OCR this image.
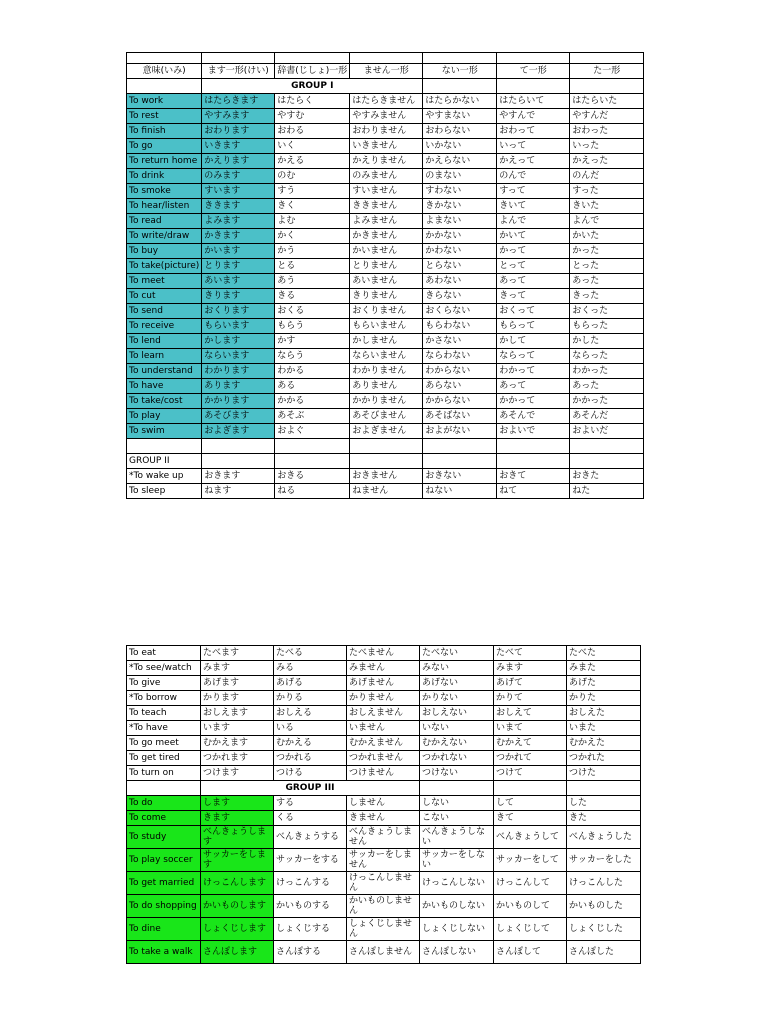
意味(いみ)	ます一形(けい)	辞書(じしょ)一形	ません一形	ない一形	て一形	た一形
	GROUP I					
To work	はたらきます	はたらく	はたらきません	はたらかない	はたらいて	はたらいた
To rest	やすみます	やすむ	やすみません	やすまない	やすんで	やすんだ
To finish	おわります	おわる	おわりません	おわらない	おわって	おわった
To go	いきます	いく	いきません	いかない	いって	いった
To return home	かえります	かえる	かえりません	かえらない	かえって	かえった
To drink	のみます	のむ	のみません	のまない	のんで	のんだ
To smoke	すいます	すう	すいません	すわない	すって	すった
To hear/listen	ききます	きく	ききません	きかない	きいて	きいた
To read	よみます	よむ	よみません	よまない	よんで	よんで
To write/draw	かきます	かく	かきません	かかない	かいて	かいた
To buy	かいます	かう	かいません	かわない	かって	かった
To take(picture)	とります	とる	とりません	とらない	とって	とった
To meet	あいます	あう	あいません	あわない	あって	あった
To cut	きります	きる	きりません	きらない	きって	きった
To send	おくります	おくる	おくりません	おくらない	おくって	おくった
To receive	もらいます	もらう	もらいません	もらわない	もらって	もらった
To lend	かします	かす	かしません	かさない	かして	かした
To learn	ならいます	ならう	ならいません	ならわない	ならって	ならった
To understand	わかります	わかる	わかりません	わからない	わかって	わかった
To have	あります	ある	ありません	あらない	あって	あった
To take/cost	かかります	かかる	かかりません	かからない	かかって	かかった
To play	あそびます	あそぶ	あそびません	あそばない	あそんで	あそんだ
To swim	およぎます	およぐ	およぎません	およがない	およいで	およいだ

GROUP II						
*To wake up	おきます	おきる	おきません	おきない	おきて	おきた
To sleep	ねます	ねる	ねません	ねない	ねて	ねた
To eat	たべます	たべる	たべません	たべない	たべて	たべた
*To see/watch	みます	みる	みません	みない	みます	みまた
To give	あげます	あげる	あげません	あげない	あげて	あげた
*To borrow	かります	かりる	かりません	かりない	かりて	かりた
To teach	おしえます	おしえる	おしえません	おしえない	おしえて	おしえた
*To have	います	いる	いません	いない	いまて	いまた
To go meet	むかえます	むかえる	むかえません	むかえない	むかえて	むかえた
To get tired	つかれます	つかれる	つかれません	つかれない	つかれて	つかれた
To turn on	つけます	つける	つけません	つけない	つけて	つけた
	GROUP III					
To do	します	する	しません	しない	して	した
To come	きます	くる	きません	こない	きて	きた
To study	べんきょうします	べんきょうする	べんきょうしません	べんきょうしない	べんきょうして	べんきょうした
To play soccer	サッカーをします	サッカーをする	サッカーをしません	サッカーをしない	サッカーをして	サッカーをした
To get married	けっこんします	けっこんする	けっこんしません	けっこんしない	けっこんして	けっこんした
To do shopping	かいものします	かいものする	かいものしません	かいものしない	かいものして	かいものした
To dine	しょくじします	しょくじする	しょくじしません	しょくじしない	しょくじして	しょくじした
To take a walk	さんぽします	さんぽする	さんぽしません	さんぽしない	さんぽして	さんぽした
